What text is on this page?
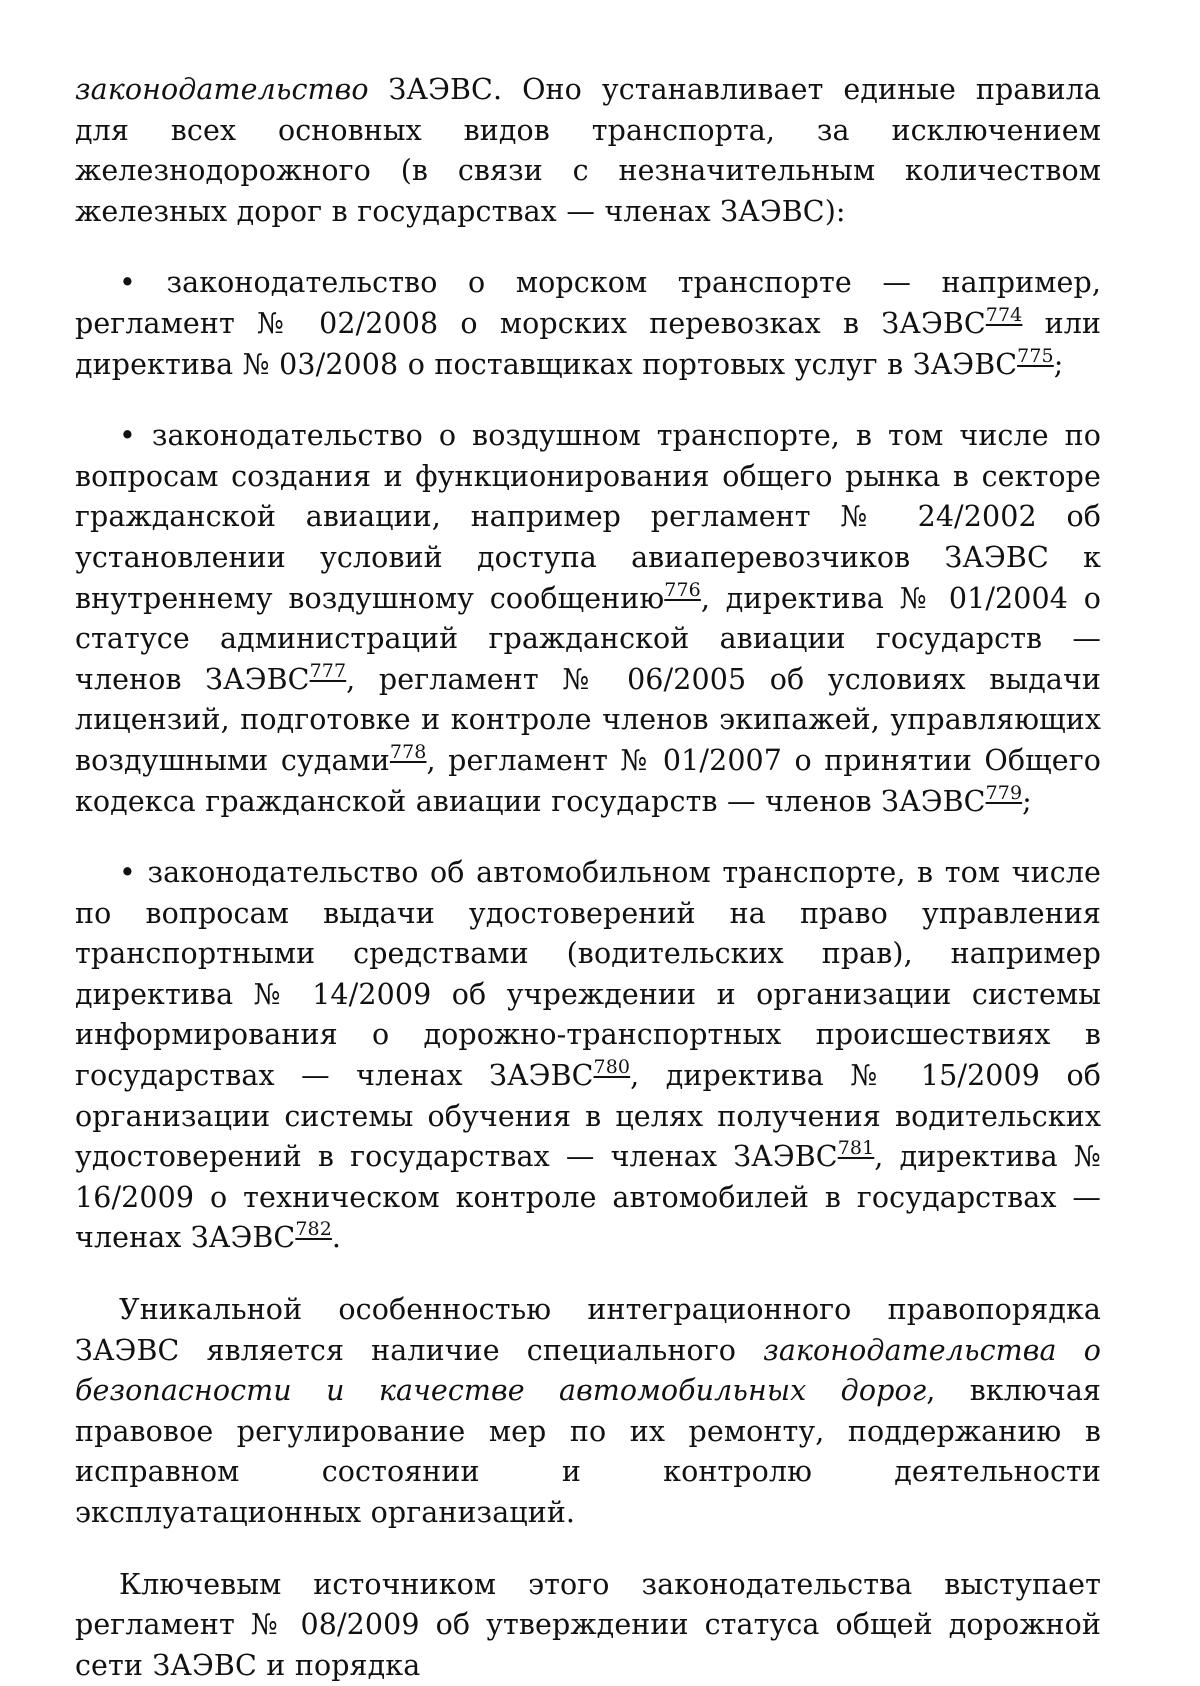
законодательство ЗАЭВС. Оно устанавливает единые правила для всех основных видов транспорта, за исключением железнодорожного (в связи с незначительным количеством железных дорог в государствах — членах ЗАЭВС):

• законодательство о морском транспорте — например, регламент № 02/2008 о морских перевозках в ЗАЭВС$^{774}$ или директива № 03/2008 о поставщиках портовых услуг в ЗАЭВС$^{775}$;

• законодательство о воздушном транспорте, в том числе по вопросам создания и функционирования общего рынка в секторе гражданской авиации, например регламент № 24/2002 об установлении условий доступа авиаперевозчиков ЗАЭВС к внутреннему воздушному сообщению$^{776}$, директива № 01/2004 о статусе администраций гражданской авиации государств — членов ЗАЭВС$^{777}$, регламент № 06/2005 об условиях выдачи лицензий, подготовке и контроле членов экипажей, управляющих воздушными судами$^{778}$, регламент № 01/2007 о принятии Общего кодекса гражданской авиации государств — членов ЗАЭВС$^{779}$;

• законодательство об автомобильном транспорте, в том числе по вопросам выдачи удостоверений на право управления транспортными средствами (водительских прав), например директива № 14/2009 об учреждении и организации системы информирования о дорожно-транспортных происшествиях в государствах — членах ЗАЭВС$^{780}$, директива № 15/2009 об организации системы обучения в целях получения водительских удостоверений в государствах — членах ЗАЭВС$^{781}$, директива № 16/2009 о техническом контроле автомобилей в государствах — членах ЗАЭВС$^{782}$.

Уникальной особенностью интеграционного правопорядка ЗАЭВС является наличие специального законодательства о безопасности и качестве автомобильных дорог, включая правовое регулирование мер по их ремонту, поддержанию в исправном состоянии и контролю деятельности эксплуатационных организаций.

Ключевым источником этого законодательства выступает регламент № 08/2009 об утверждении статуса общей дорожной сети ЗАЭВС и порядка
